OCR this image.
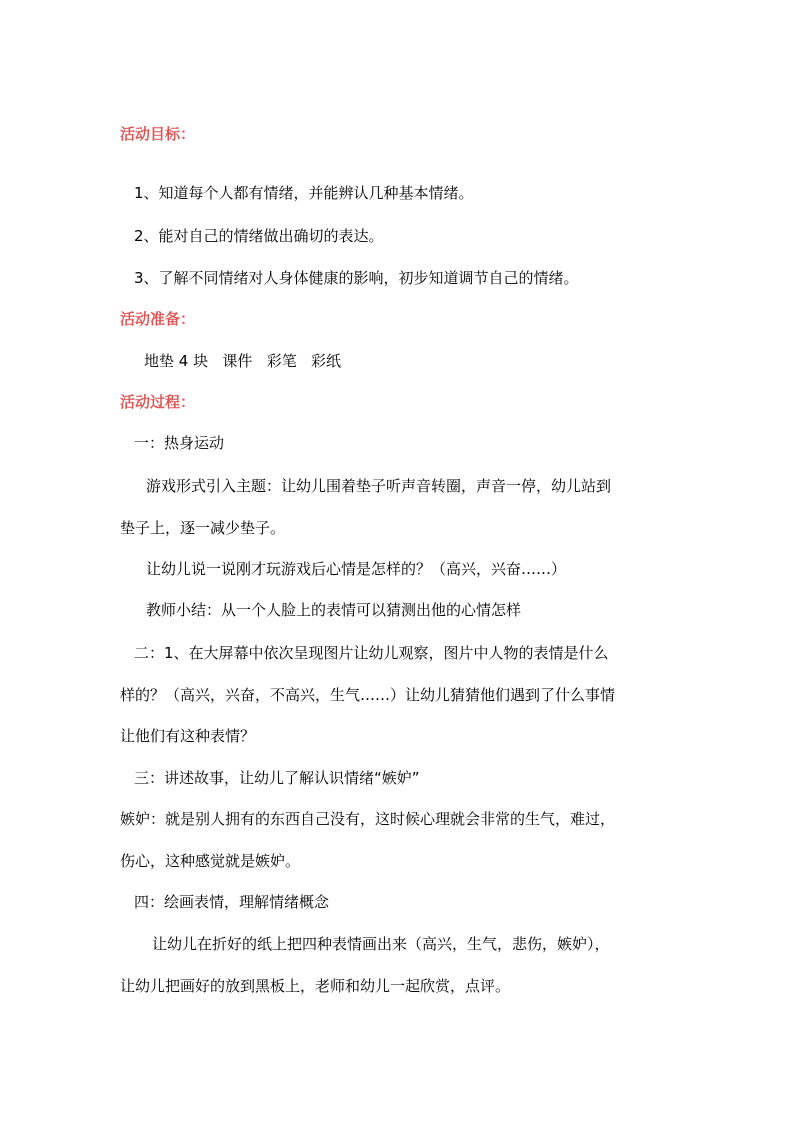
活动目标：
1、知道每个人都有情绪，并能辨认几种基本情绪。
2、能对自己的情绪做出确切的表达。
3、了解不同情绪对人身体健康的影响，初步知道调节自己的情绪。
活动准备：
地垫 4 块   课件   彩笔   彩纸
活动过程：
一：热身运动
游戏形式引入主题：让幼儿围着垫子听声音转圈，声音一停，幼儿站到
垫子上，逐一减少垫子。
让幼儿说一说刚才玩游戏后心情是怎样的？（高兴，兴奋……）
教师小结：从一个人脸上的表情可以猜测出他的心情怎样
二：1、在大屏幕中依次呈现图片让幼儿观察，图片中人物的表情是什么
样的？（高兴，兴奋，不高兴，生气……）让幼儿猜猜他们遇到了什么事情
让他们有这种表情？
三：讲述故事，让幼儿了解认识情绪“嫉妒”
嫉妒：就是别人拥有的东西自己没有，这时候心理就会非常的生气，难过，
伤心，这种感觉就是嫉妒。
四：绘画表情，理解情绪概念
让幼儿在折好的纸上把四种表情画出来（高兴，生气，悲伤，嫉妒），
让幼儿把画好的放到黑板上，老师和幼儿一起欣赏，点评。
